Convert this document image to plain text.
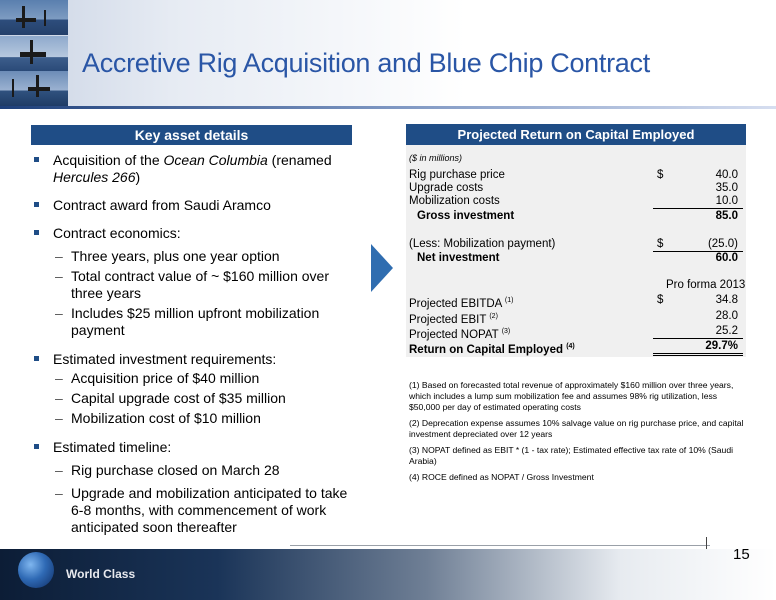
Accretive Rig Acquisition and Blue Chip Contract
Key asset details
Acquisition of the Ocean Columbia (renamed
Hercules 266)
Contract award from Saudi Aramco
Contract economics:
– Three years, plus one year option
– Total contract value of ~ $160 million over three years
– Includes $25 million upfront mobilization payment
Estimated investment requirements:
– Acquisition price of $40 million
– Capital upgrade cost of $35 million
– Mobilization cost of $10 million
Estimated timeline:
– Rig purchase closed on March 28
– Upgrade and mobilization anticipated to take 6-8 months, with commencement of work anticipated soon thereafter
Projected Return on Capital Employed
($ in millions)
Rig purchase price	$	40.0
Upgrade costs	35.0
Mobilization costs	10.0
Gross investment	85.0
(Less: Mobilization payment)	$	(25.0)
Net investment	60.0
Pro forma 2013
Projected EBITDA $^{(1)}$	$	34.8
Projected EBIT $^{(2)}$	28.0
Projected NOPAT $^{(3)}$	25.2
Return on Capital Employed $^{(4)}$	29.7%
(1) Based on forecasted total revenue of approximately $160 million over three years, which includes a lump sum mobilization fee and assumes 98% rig utilization, less $50,000 per day of estimated operating costs
(2) Deprecation expense assumes 10% salvage value on rig purchase price, and capital investment depreciated over 12 years
(3) NOPAT defined as EBIT * (1 - tax rate); Estimated effective tax rate of 10% (Saudi Arabia)
(4) ROCE defined as NOPAT / Gross Investment
World Class
15
